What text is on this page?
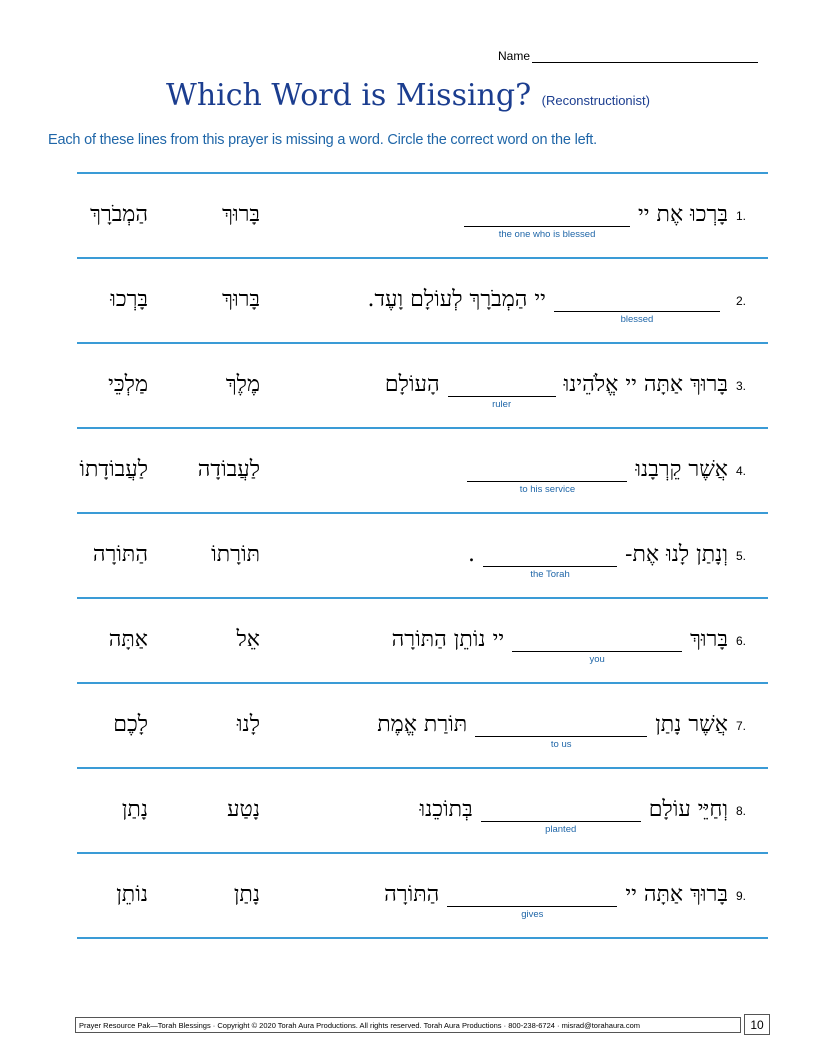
Name
Which Word is Missing? (Reconstructionist)
Each of these lines from this prayer is missing a word. Circle the correct word on the left.
.1
בָּרְכוּ אֶת יי
the one who is blessed
בָּרוּךְ
הַמְבֹרָךְ
.2
blessed
יי הַמְבֹרָךְ לְעוֹלָם וָעֶד.
בָּרוּךְ
בָּרְכוּ
.3
בָּרוּךְ אַתָּה יי אֱלֹהֵינוּ
ruler
הָעוֹלָם
מֶלֶךְ
מַלְכֵּי
.4
אֲשֶׁר קֵרְבָנוּ
to his service
לַעֲבוֹדָה
לַעֲבוֹדָתוֹ
.5
וְנָתַן לָנוּ אֶת-
the Torah
.
תּוֹרָתוֹ
הַתּוֹרָה
.6
בָּרוּךְ
you
יי נוֹתֵן הַתּוֹרָה
אֵל
אַתָּה
.7
אֲשֶׁר נָתַן
to us
תּוֹרַת אֱמֶת
לָנוּ
לָכֶם
.8
וְחַיֵּי עוֹלָם
planted
בְּתוֹכֵנוּ
נָטַע
נָתַן
.9
בָּרוּךְ אַתָּה יי
gives
הַתּוֹרָה
נָתַן
נוֹתֵן
Prayer Resource Pak—Torah Blessings · Copyright © 2020 Torah Aura Productions. All rights reserved. Torah Aura Productions · 800-238-6724 · misrad@torahaura.com	10
